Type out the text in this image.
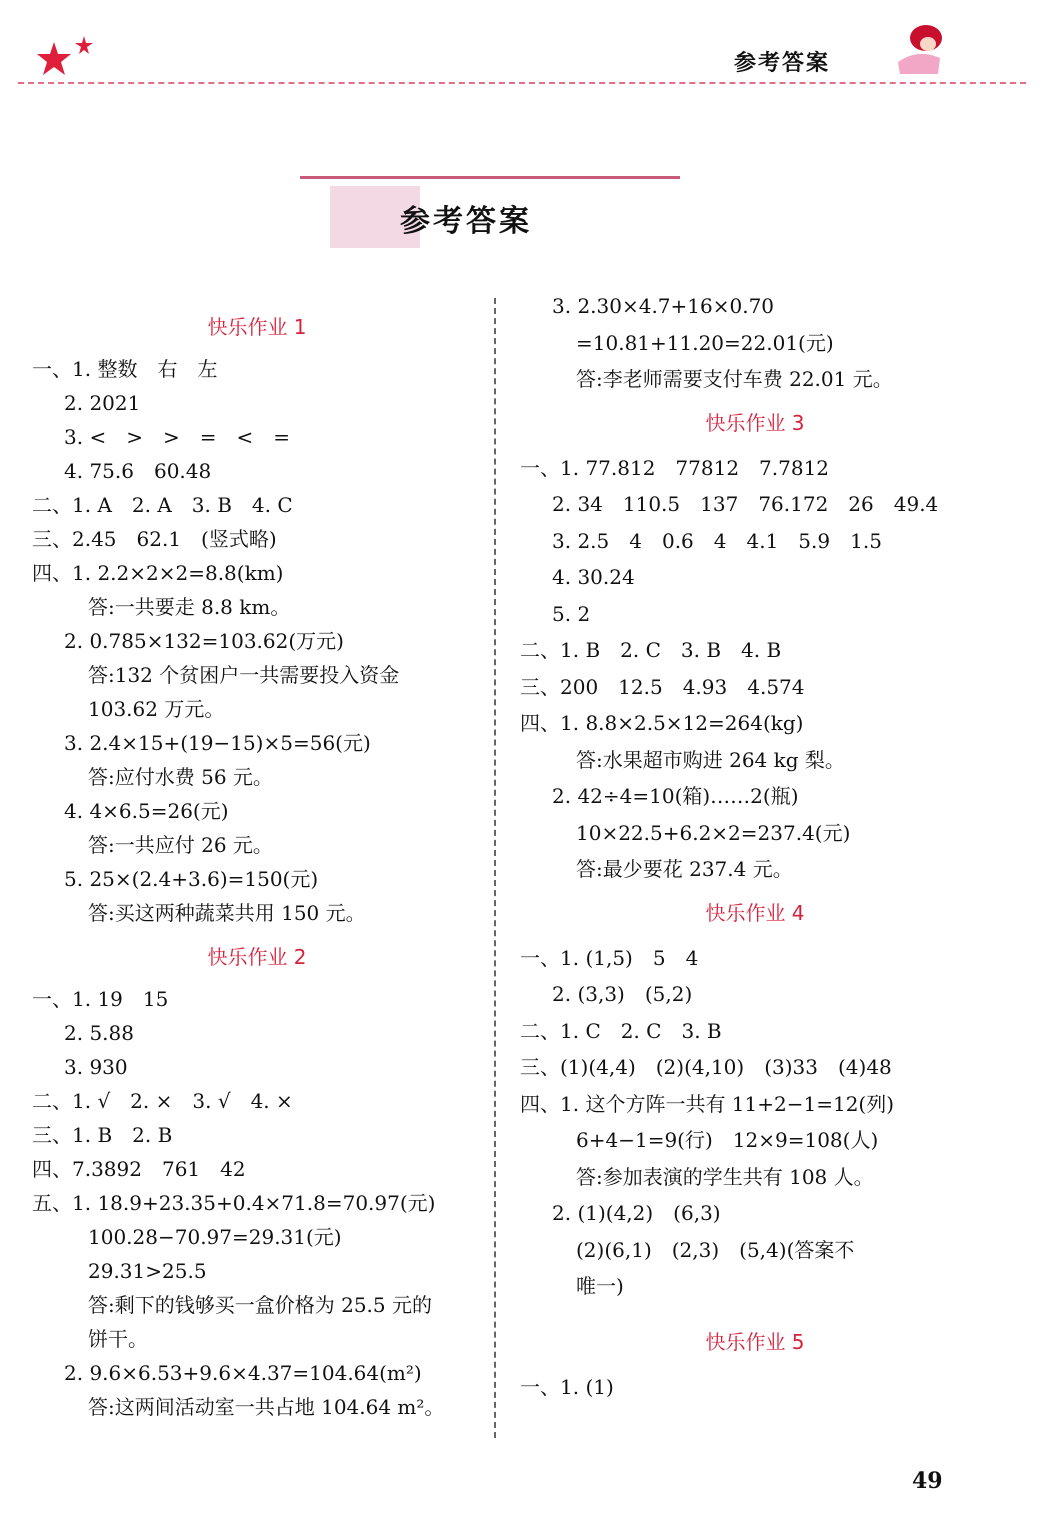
参考答案
参考答案
快乐作业 1
一、1. 整数　右　左
2. 2021
3. <　>　>　=　<　=
4. 75.6　60.48
二、1. A　2. A　3. B　4. C
三、2.45　62.1　(竖式略)
四、1. 2.2×2×2=8.8(km)
答:一共要走 8.8 km。
2. 0.785×132=103.62(万元)
答:132 个贫困户一共需要投入资金
103.62 万元。
3. 2.4×15+(19−15)×5=56(元)
答:应付水费 56 元。
4. 4×6.5=26(元)
答:一共应付 26 元。
5. 25×(2.4+3.6)=150(元)
答:买这两种蔬菜共用 150 元。
快乐作业 2
一、1. 19　15
2. 5.88
3. 930
二、1. √　2. ×　3. √　4. ×
三、1. B　2. B
四、7.3892　761　42
五、1. 18.9+23.35+0.4×71.8=70.97(元)
100.28−70.97=29.31(元)
29.31>25.5
答:剩下的钱够买一盒价格为 25.5 元的
饼干。
2. 9.6×6.53+9.6×4.37=104.64(m²)
答:这两间活动室一共占地 104.64 m²。
3. 2.30×4.7+16×0.70
=10.81+11.20=22.01(元)
答:李老师需要支付车费 22.01 元。
快乐作业 3
一、1. 77.812　77812　7.7812
2. 34　110.5　137　76.172　26　49.4
3. 2.5　4　0.6　4　4.1　5.9　1.5
4. 30.24
5. 2
二、1. B　2. C　3. B　4. B
三、200　12.5　4.93　4.574
四、1. 8.8×2.5×12=264(kg)
答:水果超市购进 264 kg 梨。
2. 42÷4=10(箱)……2(瓶)
10×22.5+6.2×2=237.4(元)
答:最少要花 237.4 元。
快乐作业 4
一、1. (1,5)　5　4
2. (3,3)　(5,2)
二、1. C　2. C　3. B
三、(1)(4,4)　(2)(4,10)　(3)33　(4)48
四、1. 这个方阵一共有 11+2−1=12(列)
6+4−1=9(行)　12×9=108(人)
答:参加表演的学生共有 108 人。
2. (1)(4,2)　(6,3)
(2)(6,1)　(2,3)　(5,4)(答案不
唯一)
快乐作业 5
一、1. (1)
49
